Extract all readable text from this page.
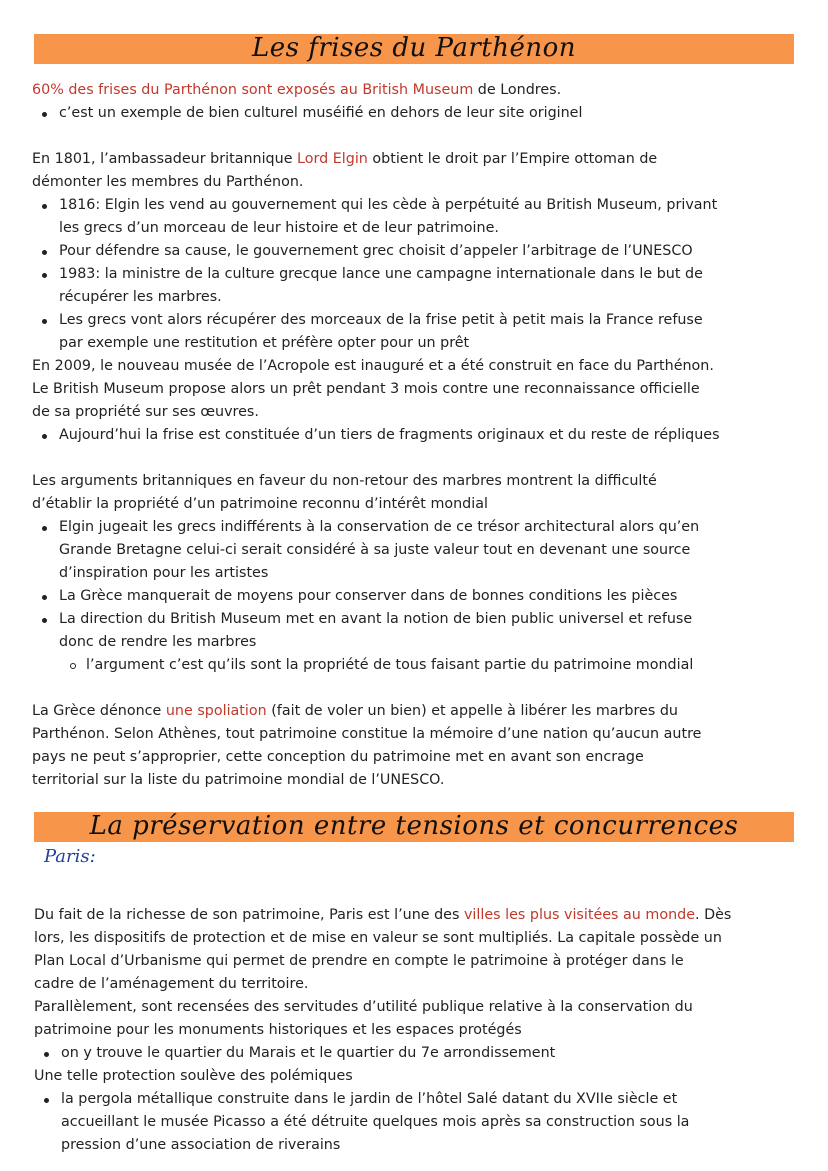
Les frises du Parthénon

60% des frises du Parthénon sont exposés au British Museum de Londres.

c’est un exemple de bien culturel muséifié en dehors de leur site originel

En 1801, l’ambassadeur britannique Lord Elgin obtient le droit par l’Empire ottoman de

démonter les membres du Parthénon.

1816: Elgin les vend au gouvernement qui les cède à perpétuité au British Museum, privant
les grecs d’un morceau de leur histoire et de leur patrimoine.
Pour défendre sa cause, le gouvernement grec choisit d’appeler l’arbitrage de l’UNESCO
1983: la ministre de la culture grecque lance une campagne internationale dans le but de
récupérer les marbres.
Les grecs vont alors récupérer des morceaux de la frise petit à petit mais la France refuse
par exemple une restitution et préfère opter pour un prêt

En 2009, le nouveau musée de l’Acropole est inauguré et a été construit en face du Parthénon.

Le British Museum propose alors un prêt pendant 3 mois contre une reconnaissance officielle

de sa propriété sur ses œuvres.

Aujourd’hui la frise est constituée d’un tiers de fragments originaux et du reste de répliques

Les arguments britanniques en faveur du non-retour des marbres montrent la difficulté

d’établir la propriété d’un patrimoine reconnu d’intérêt mondial

Elgin jugeait les grecs indifférents à la conservation de ce trésor architectural alors qu’en
Grande Bretagne celui-ci serait considéré à sa juste valeur tout en devenant une source
d’inspiration pour les artistes
La Grèce manquerait de moyens pour conserver dans de bonnes conditions les pièces
La direction du British Museum met en avant la notion de bien public universel et refuse
donc de rendre les marbres
l’argument c’est qu’ils sont la propriété de tous faisant partie du patrimoine mondial

La Grèce dénonce une spoliation (fait de voler un bien) et appelle à libérer les marbres du

Parthénon. Selon Athènes, tout patrimoine constitue la mémoire d’une nation qu’aucun autre

pays ne peut s’approprier, cette conception du patrimoine met en avant son encrage

territorial sur la liste du patrimoine mondial de l’UNESCO.

La préservation entre tensions et concurrences
Paris:

Du fait de la richesse de son patrimoine, Paris est l’une des villes les plus visitées au monde. Dès

lors, les dispositifs de protection et de mise en valeur se sont multipliés. La capitale possède un

Plan Local d’Urbanisme qui permet de prendre en compte le patrimoine à protéger dans le

cadre de l’aménagement du territoire.

Parallèlement, sont recensées des servitudes d’utilité publique relative à la conservation du

patrimoine pour les monuments historiques et les espaces protégés

on y trouve le quartier du Marais et le quartier du 7e arrondissement

Une telle protection soulève des polémiques

la pergola métallique construite dans le jardin de l’hôtel Salé datant du XVIIe siècle et
accueillant le musée Picasso a été détruite quelques mois après sa construction sous la
pression d’une association de riverains
